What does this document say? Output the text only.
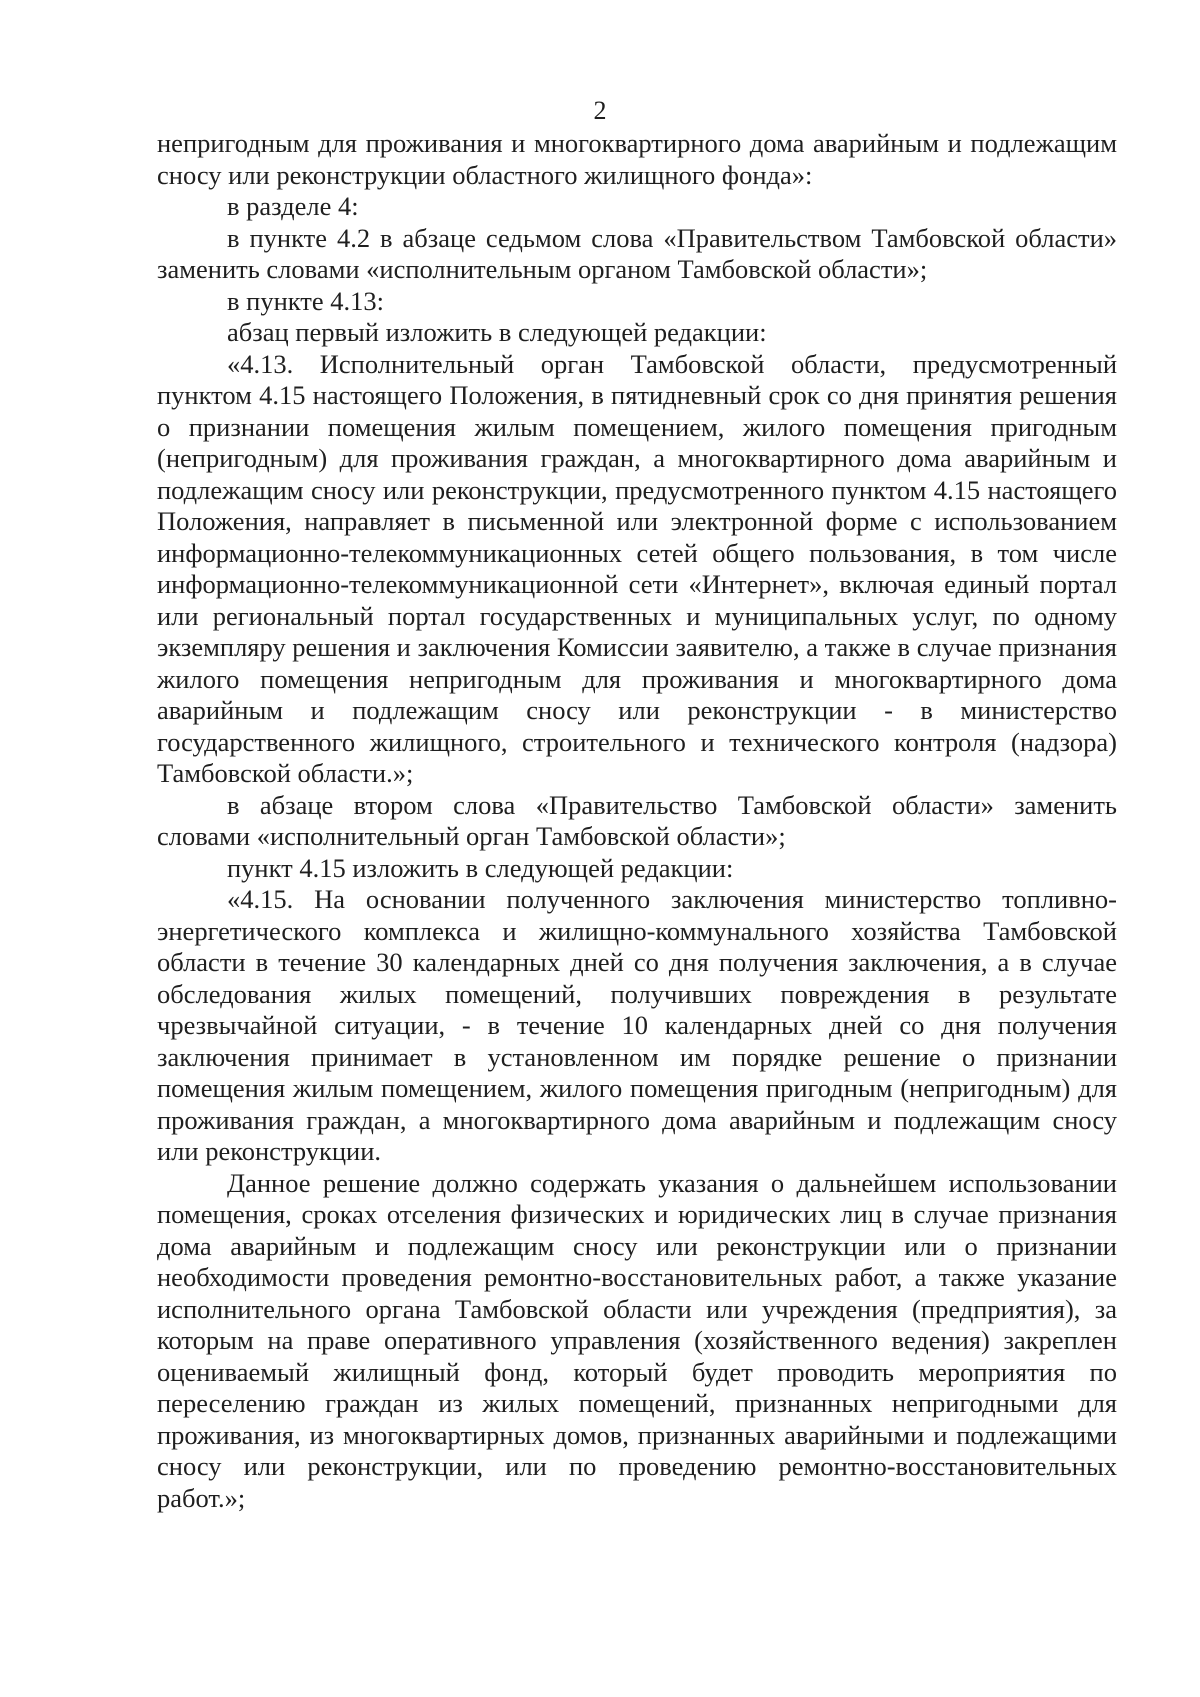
2

непригодным для проживания и многоквартирного дома аварийным и подлежащим сносу или реконструкции областного жилищного фонда»:

в разделе 4:

в пункте 4.2 в абзаце седьмом слова «Правительством Тамбовской области» заменить словами «исполнительным органом Тамбовской области»;

в пункте 4.13:

абзац первый изложить в следующей редакции:

«4.13. Исполнительный орган Тамбовской области, предусмотренный пунктом 4.15 настоящего Положения, в пятидневный срок со дня принятия решения о признании помещения жилым помещением, жилого помещения пригодным (непригодным) для проживания граждан, а многоквартирного дома аварийным и подлежащим сносу или реконструкции, предусмотренного пунктом 4.15 настоящего Положения, направляет в письменной или электронной форме с использованием информационно-телекоммуникационных сетей общего пользования, в том числе информационно-телекоммуникационной сети «Интернет», включая единый портал или региональный портал государственных и муниципальных услуг, по одному экземпляру решения и заключения Комиссии заявителю, а также в случае признания жилого помещения непригодным для проживания и многоквартирного дома аварийным и подлежащим сносу или реконструкции - в министерство государственного жилищного, строительного и технического контроля (надзора) Тамбовской области.»;

в абзаце втором слова «Правительство Тамбовской области» заменить словами «исполнительный орган Тамбовской области»;

пункт 4.15 изложить в следующей редакции:

«4.15. На основании полученного заключения министерство топливно-энергетического комплекса и жилищно-коммунального хозяйства Тамбовской области в течение 30 календарных дней со дня получения заключения, а в случае обследования жилых помещений, получивших повреждения в результате чрезвычайной ситуации, - в течение 10 календарных дней со дня получения заключения принимает в установленном им порядке решение о признании помещения жилым помещением, жилого помещения пригодным (непригодным) для проживания граждан, а многоквартирного дома аварийным и подлежащим сносу или реконструкции.

Данное решение должно содержать указания о дальнейшем использовании помещения, сроках отселения физических и юридических лиц в случае признания дома аварийным и подлежащим сносу или реконструкции или о признании необходимости проведения ремонтно-восстановительных работ, а также указание исполнительного органа Тамбовской области или учреждения (предприятия), за которым на праве оперативного управления (хозяйственного ведения) закреплен оцениваемый жилищный фонд, который будет проводить мероприятия по переселению граждан из жилых помещений, признанных непригодными для проживания, из многоквартирных домов, признанных аварийными и подлежащими сносу или реконструкции, или по проведению ремонтно-восстановительных работ.»;
